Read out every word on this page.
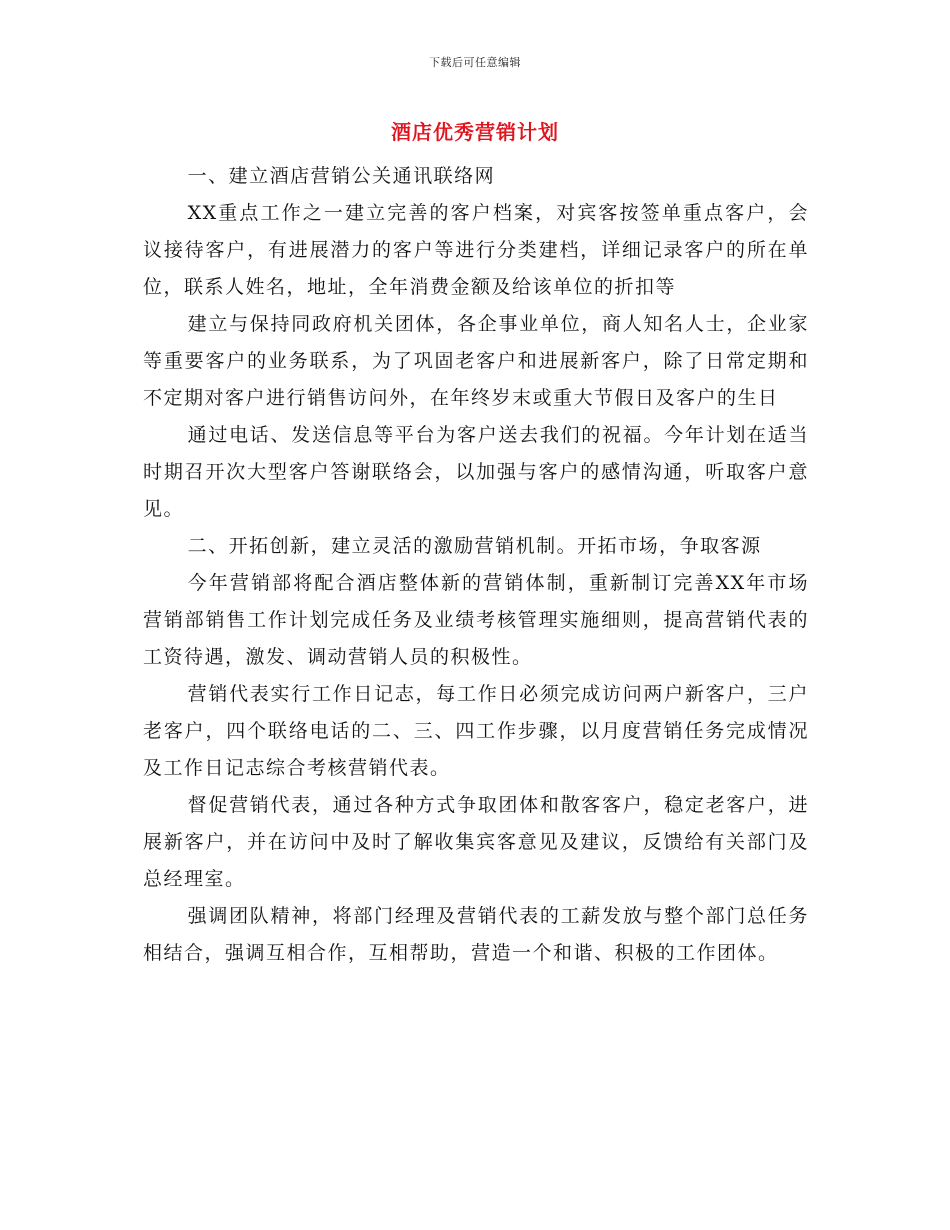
下载后可任意编辑
酒店优秀营销计划

一、建立酒店营销公关通讯联络网

XX重点工作之一建立完善的客户档案，对宾客按签单重点客户，会议接待客户，有进展潜力的客户等进行分类建档，详细记录客户的所在单位，联系人姓名，地址，全年消费金额及给该单位的折扣等

建立与保持同政府机关团体，各企事业单位，商人知名人士，企业家等重要客户的业务联系，为了巩固老客户和进展新客户，除了日常定期和不定期对客户进行销售访问外，在年终岁末或重大节假日及客户的生日

通过电话、发送信息等平台为客户送去我们的祝福。今年计划在适当时期召开次大型客户答谢联络会，以加强与客户的感情沟通，听取客户意见。

二、开拓创新，建立灵活的激励营销机制。开拓市场，争取客源

今年营销部将配合酒店整体新的营销体制，重新制订完善XX年市场营销部销售工作计划完成任务及业绩考核管理实施细则，提高营销代表的工资待遇，激发、调动营销人员的积极性。

营销代表实行工作日记志，每工作日必须完成访问两户新客户，三户老客户，四个联络电话的二、三、四工作步骤，以月度营销任务完成情况及工作日记志综合考核营销代表。

督促营销代表，通过各种方式争取团体和散客客户，稳定老客户，进展新客户，并在访问中及时了解收集宾客意见及建议，反馈给有关部门及总经理室。

强调团队精神，将部门经理及营销代表的工薪发放与整个部门总任务相结合，强调互相合作，互相帮助，营造一个和谐、积极的工作团体。
